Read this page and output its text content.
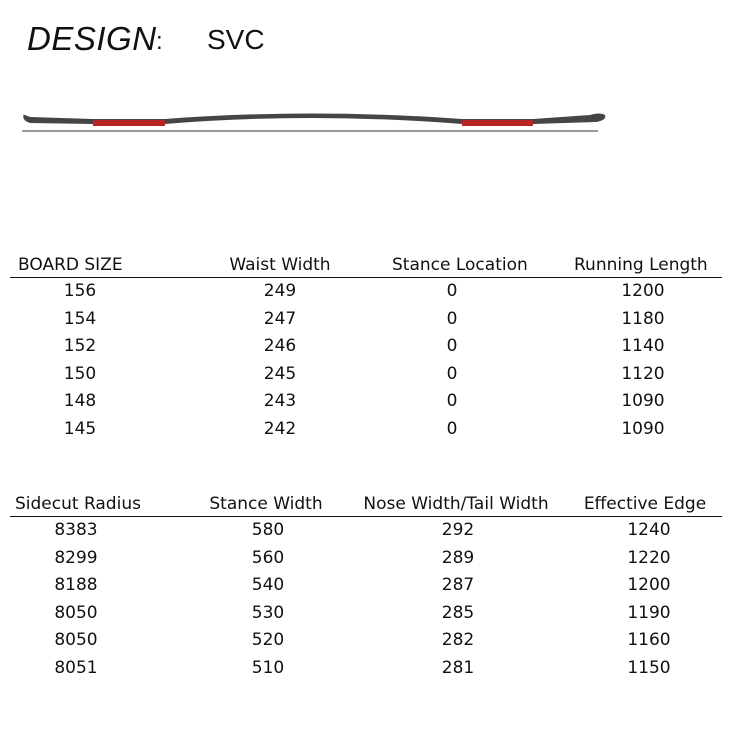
DESIGN : SVC
BOARD SIZE	Waist Width	Stance Location	Running Length
156	249	0	1200
154	247	0	1180
152	246	0	1140
150	245	0	1120
148	243	0	1090
145	242	0	1090
Sidecut Radius	Stance Width	Nose Width/Tail Width	Effective Edge
8383	580	292	1240
8299	560	289	1220
8188	540	287	1200
8050	530	285	1190
8050	520	282	1160
8051	510	281	1150
